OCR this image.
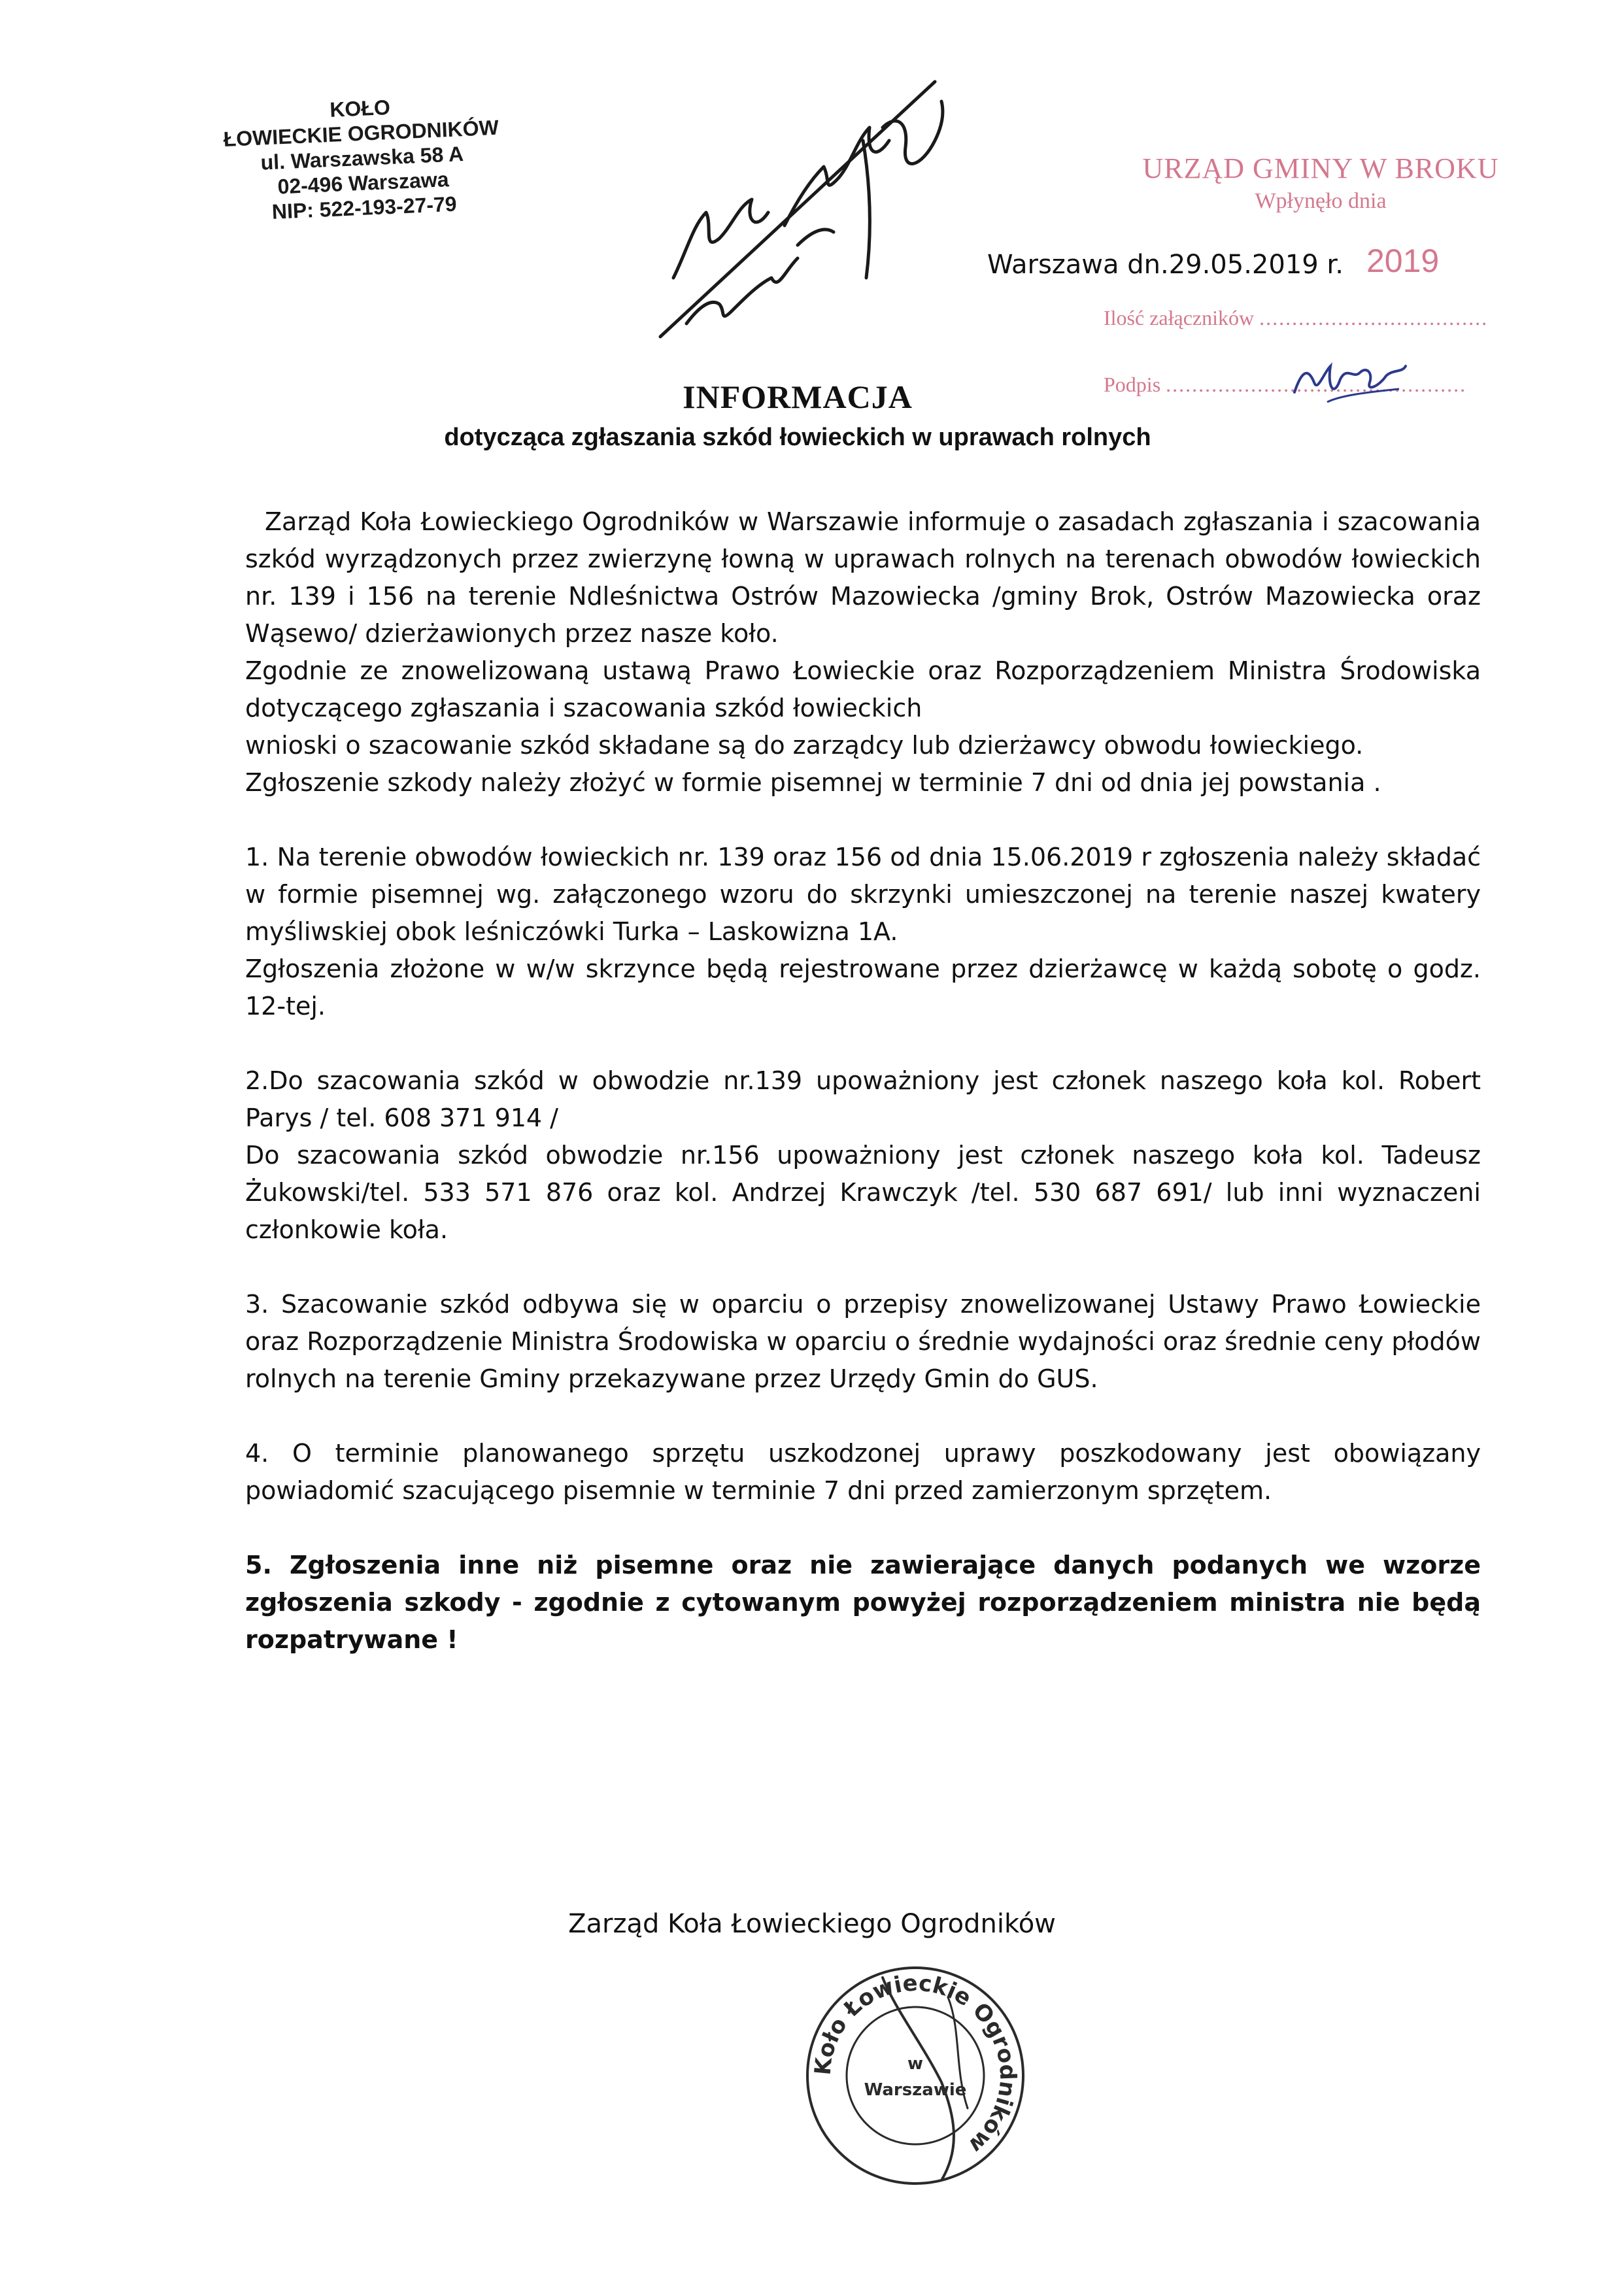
KOŁO
ŁOWIECKIE OGRODNIKÓW
ul. Warszawska 58 A
02-496 Warszawa
NIP: 522-193-27-79
URZĄD GMINY W BROKU
Wpłynęło dnia
Ilość załączników ...................................
Podpis ..............................................
2019
Warszawa dn.29.05.2019 r.
INFORMACJA
dotycząca zgłaszania szkód łowieckich w uprawach rolnych

Zarząd Koła Łowieckiego Ogrodników w Warszawie informuje o zasadach zgłaszania i szacowania szkód wyrządzonych przez zwierzynę łowną w uprawach rolnych na terenach obwodów łowieckich nr. 139 i 156 na terenie Ndleśnictwa Ostrów Mazowiecka /gminy Brok, Ostrów Mazowiecka oraz Wąsewo/ dzierżawionych przez nasze koło.

Zgodnie ze znowelizowaną ustawą Prawo Łowieckie oraz Rozporządzeniem Ministra Środowiska dotyczącego zgłaszania i szacowania szkód łowieckich

wnioski o szacowanie szkód składane są do zarządcy lub dzierżawcy obwodu łowieckiego.

Zgłoszenie szkody należy złożyć w formie pisemnej w terminie 7 dni od dnia jej powstania .

1. Na terenie obwodów łowieckich nr. 139 oraz 156 od dnia 15.06.2019 r zgłoszenia należy składać w formie pisemnej wg. załączonego wzoru do skrzynki umieszczonej na terenie naszej kwatery myśliwskiej obok leśniczówki Turka – Laskowizna 1A.

Zgłoszenia złożone w w/w skrzynce będą rejestrowane przez dzierżawcę w każdą sobotę o godz. 12-tej.

2.Do szacowania szkód w obwodzie nr.139 upoważniony jest członek naszego koła kol. Robert Parys / tel. 608 371 914 /

Do szacowania szkód obwodzie nr.156 upoważniony jest członek naszego koła kol. Tadeusz Żukowski/tel. 533 571 876 oraz kol. Andrzej Krawczyk /tel. 530 687 691/ lub inni wyznaczeni członkowie koła.

3. Szacowanie szkód odbywa się w oparciu o przepisy znowelizowanej Ustawy Prawo Łowieckie oraz Rozporządzenie Ministra Środowiska w oparciu o średnie wydajności oraz średnie ceny płodów rolnych na terenie Gminy przekazywane przez Urzędy Gmin do GUS.

4. O terminie planowanego sprzętu uszkodzonej uprawy poszkodowany jest obowiązany powiadomić szacującego pisemnie w terminie 7 dni przed zamierzonym sprzętem.

5. Zgłoszenia inne niż pisemne oraz nie zawierające danych podanych we wzorze zgłoszenia szkody - zgodnie z cytowanym powyżej rozporządzeniem ministra nie będą rozpatrywane !

Zarząd Koła Łowieckiego Ogrodników
Koło Łowieckie Ogrodników
w
Warszawie
